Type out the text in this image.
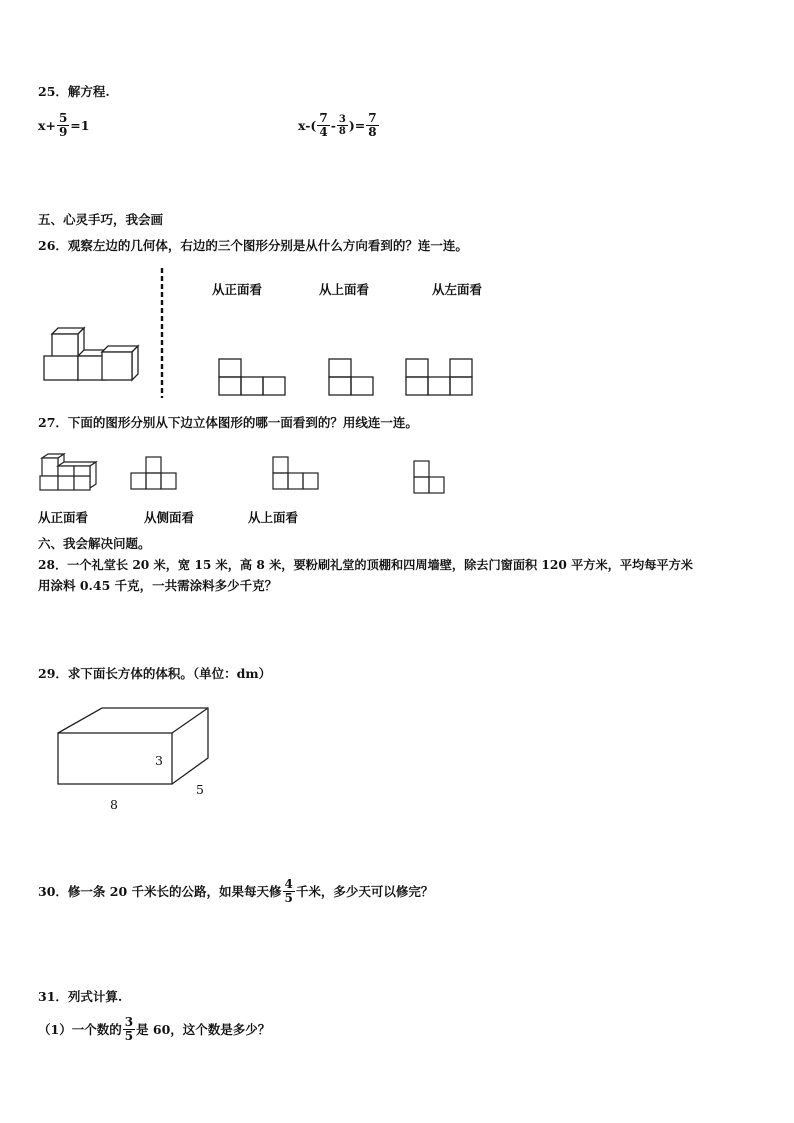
25．解方程.
$x+ \frac{5}{9} =1$	$x-( \frac{7}{4} - \frac{3}{8}$ )= $\frac{7}{8}$
五、心灵手巧，我会画
26．观察左边的几何体，右边的三个图形分别是从什么方向看到的？连一连。
从正面看	从上面看	从左面看
27．下面的图形分别从下边立体图形的哪一面看到的？用线连一连。
从正面看	从侧面看	从上面看
六、我会解决问题。
28．一个礼堂长 20 米，宽 15 米，高 8 米，要粉刷礼堂的顶棚和四周墙壁，除去门窗面积 120 平方米，平均每平方米
用涂料 0.45 千克，一共需涂料多少千克？
29．求下面长方体的体积。（单位：dm）
3
5
8
30．修一条 20 千米长的公路，如果每天修 $\frac{4}{5}$ 千米，多少天可以修完？
31．列式计算.
（1）一个数的 $\frac{3}{5}$ 是 60，这个数是多少？
